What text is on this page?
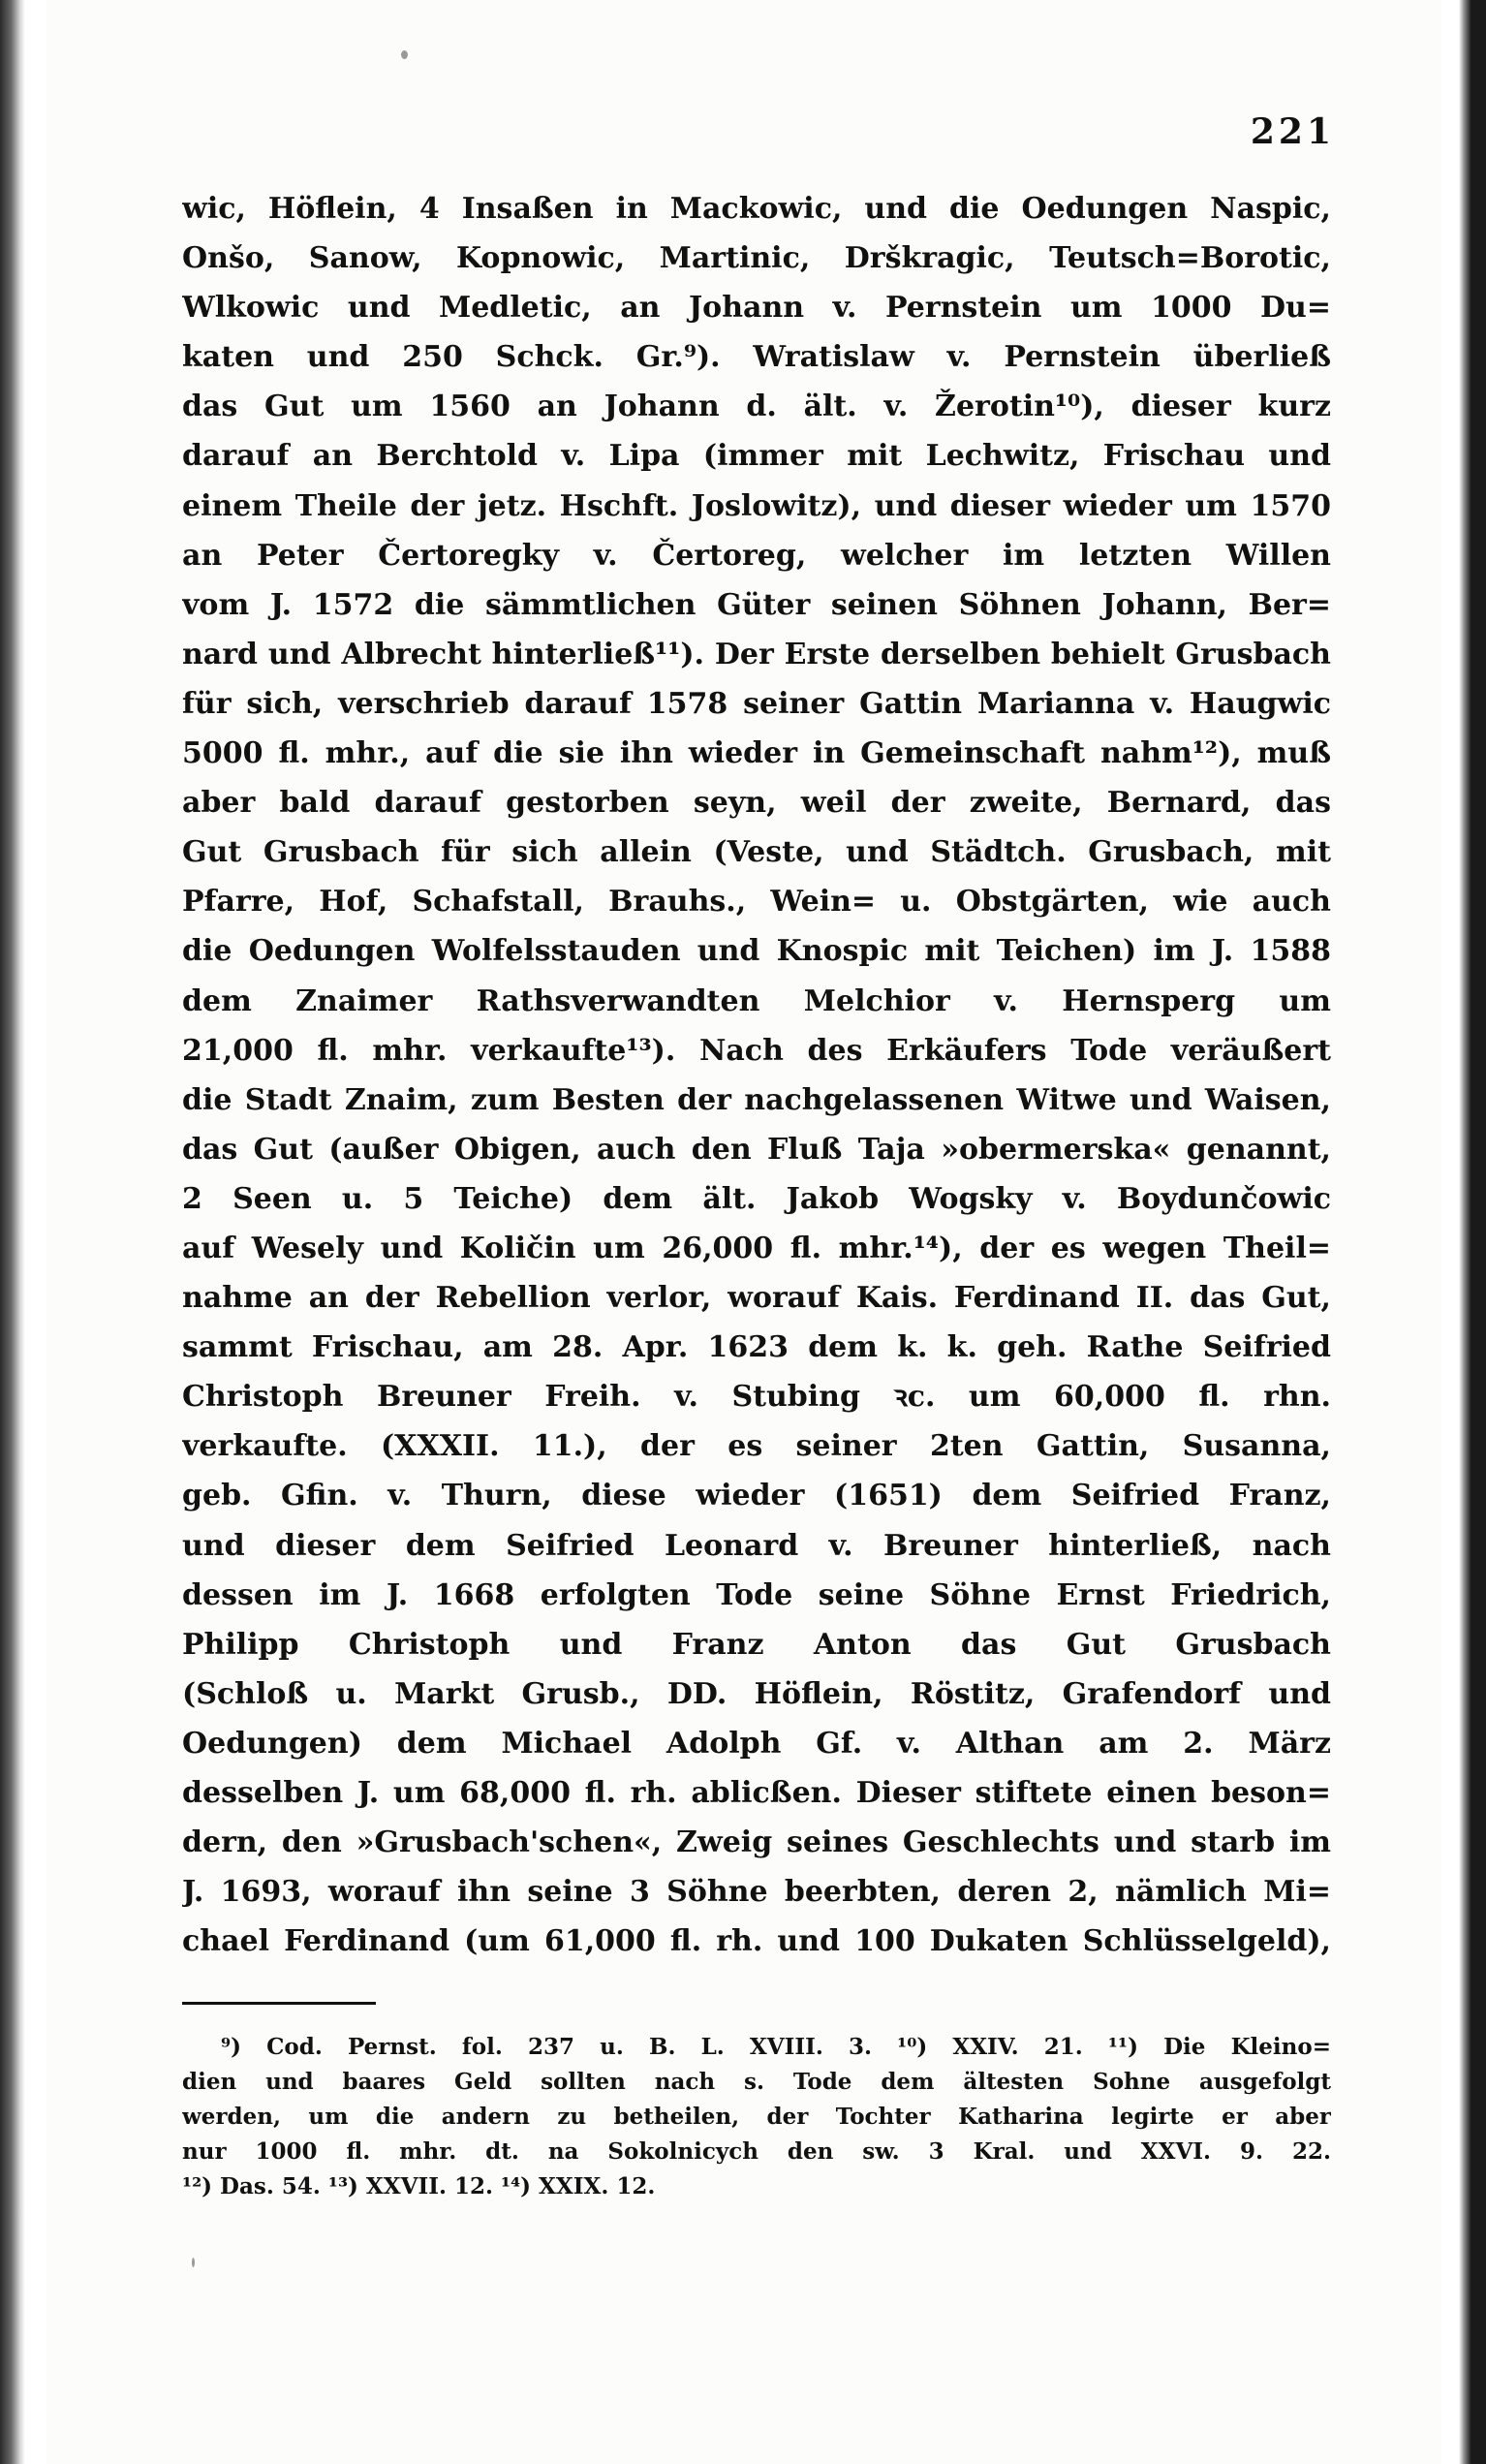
221
wic, Höflein, 4 Insaßen in Mackowic, und die Oedungen Naspic,
Onšo, Sanow, Kopnowic, Martinic, Drškragic, Teutsch=Borotic,
Wlkowic und Medletic, an Johann v. Pernstein um 1000 Du=
katen und 250 Schck. Gr.⁹). Wratislaw v. Pernstein überließ
das Gut um 1560 an Johann d. ält. v. Žerotin¹⁰), dieser kurz
darauf an Berchtold v. Lipa (immer mit Lechwitz, Frischau und
einem Theile der jetz. Hschft. Joslowitz), und dieser wieder um 1570
an Peter Čertoregky v. Čertoreg, welcher im letzten Willen
vom J. 1572 die sämmtlichen Güter seinen Söhnen Johann, Ber=
nard und Albrecht hinterließ¹¹). Der Erste derselben behielt Grusbach
für sich, verschrieb darauf 1578 seiner Gattin Marianna v. Haugwic
5000 fl. mhr., auf die sie ihn wieder in Gemeinschaft nahm¹²), muß
aber bald darauf gestorben seyn, weil der zweite, Bernard, das
Gut Grusbach für sich allein (Veste, und Städtch. Grusbach, mit
Pfarre, Hof, Schafstall, Brauhs., Wein= u. Obstgärten, wie auch
die Oedungen Wolfelsstauden und Knospic mit Teichen) im J. 1588
dem Znaimer Rathsverwandten Melchior v. Hernsperg um
21,000 fl. mhr. verkaufte¹³). Nach des Erkäufers Tode veräußert
die Stadt Znaim, zum Besten der nachgelassenen Witwe und Waisen,
das Gut (außer Obigen, auch den Fluß Taja »obermerska« genannt,
2 Seen u. 5 Teiche) dem ält. Jakob Wogsky v. Boydunčowic
auf Wesely und Količin um 26,000 fl. mhr.¹⁴), der es wegen Theil=
nahme an der Rebellion verlor, worauf Kais. Ferdinand II. das Gut,
sammt Frischau, am 28. Apr. 1623 dem k. k. geh. Rathe Seifried
Christoph Breuner Freih. v. Stubing ꝛc. um 60,000 fl. rhn.
verkaufte. (XXXII. 11.), der es seiner 2ten Gattin, Susanna,
geb. Gfin. v. Thurn, diese wieder (1651) dem Seifried Franz,
und dieser dem Seifried Leonard v. Breuner hinterließ, nach
dessen im J. 1668 erfolgten Tode seine Söhne Ernst Friedrich,
Philipp Christoph und Franz Anton das Gut Grusbach
(Schloß u. Markt Grusb., DD. Höflein, Röstitz, Grafendorf und
Oedungen) dem Michael Adolph Gf. v. Althan am 2. März
desselben J. um 68,000 fl. rh. ablicßen. Dieser stiftete einen beson=
dern, den »Grusbach'schen«, Zweig seines Geschlechts und starb im
J. 1693, worauf ihn seine 3 Söhne beerbten, deren 2, nämlich Mi=
chael Ferdinand (um 61,000 fl. rh. und 100 Dukaten Schlüsselgeld),
⁹) Cod. Pernst. fol. 237 u. B. L. XVIII. 3. ¹⁰) XXIV. 21. ¹¹) Die Kleino=
dien und baares Geld sollten nach s. Tode dem ältesten Sohne ausgefolgt
werden, um die andern zu betheilen, der Tochter Katharina legirte er aber
nur 1000 fl. mhr. dt. na Sokolnicych den sw. 3 Kral. und XXVI. 9. 22.
¹²) Das. 54. ¹³) XXVII. 12. ¹⁴) XXIX. 12.
